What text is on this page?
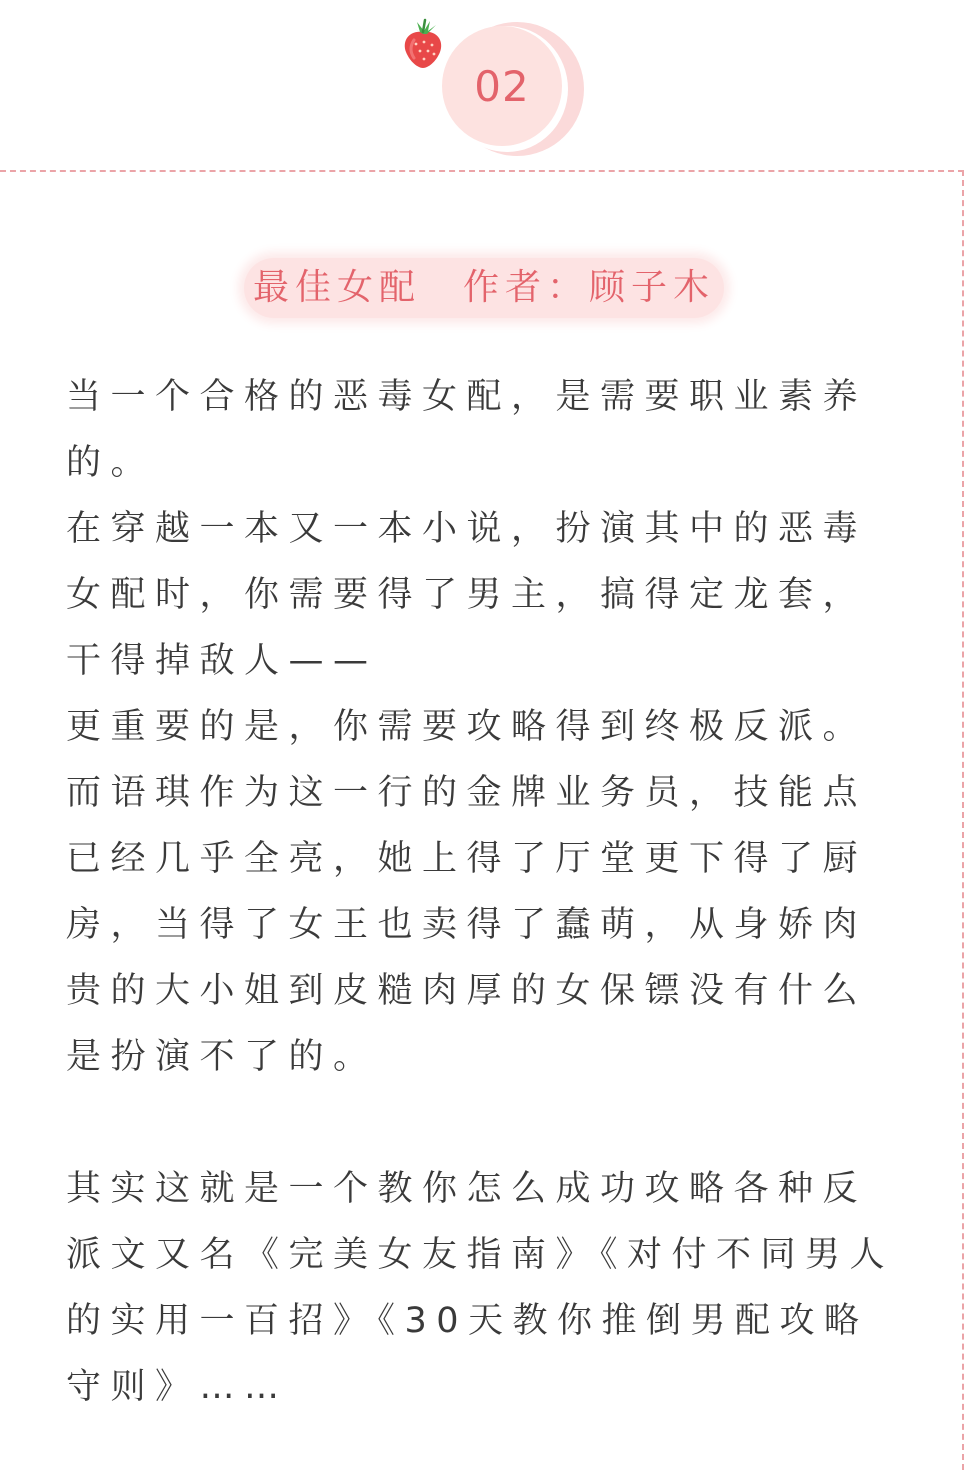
02
最佳女配　作者：顾子木

当一个合格的恶毒女配，是需要职业素养的。

在穿越一本又一本小说，扮演其中的恶毒女配时，你需要得了男主，搞得定龙套，干得掉敌人——

更重要的是，你需要攻略得到终极反派。

而语琪作为这一行的金牌业务员，技能点已经几乎全亮，她上得了厅堂更下得了厨房，当得了女王也卖得了蠢萌，从身娇肉贵的大小姐到皮糙肉厚的女保镖没有什么是扮演不了的。

其实这就是一个教你怎么成功攻略各种反派文又名《完美女友指南》《对付不同男人的实用一百招》《30天教你推倒男配攻略守则》……
